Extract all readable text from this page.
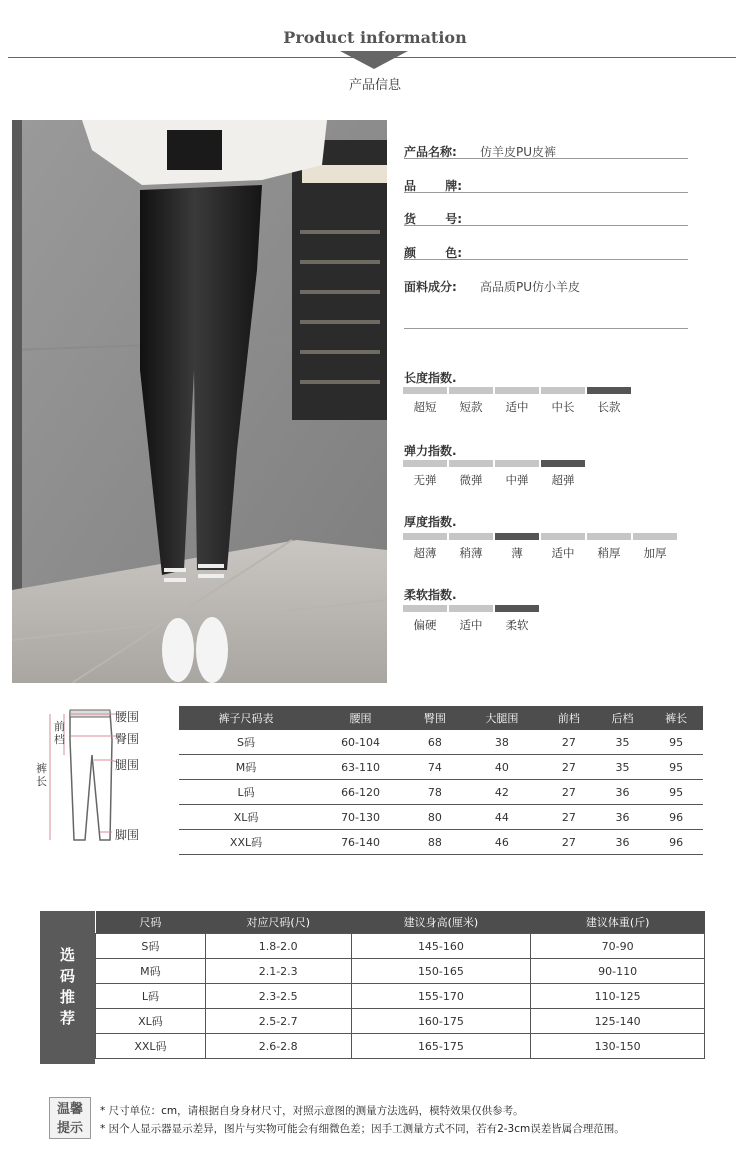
Product information
产品信息
产品名称: 仿羊皮PU皮裤
品       牌:
货       号:
颜       色:
面料成分: 高品质PU仿小羊皮
长度指数.
超短	短款	适中	中长	长款
弹力指数.
无弹	微弹	中弹	超弹
厚度指数.
超薄	稍薄	薄	适中	稍厚	加厚
柔软指数.
偏硬	适中	柔软
腰围
臀围
腿围
脚围
前档
裤长
裤子尺码表	腰围	臀围	大腿围	前档	后档	裤长
S码	60-104	68	38	27	35	95
M码	63-110	74	40	27	35	95
L码	66-120	78	42	27	36	95
XL码	70-130	80	44	27	36	96
XXL码	76-140	88	46	27	36	96
选
码
推
荐
尺码	对应尺码(尺)	建议身高(厘米)	建议体重(斤)
S码	1.8-2.0	145-160	70-90
M码	2.1-2.3	150-165	90-110
L码	2.3-2.5	155-170	110-125
XL码	2.5-2.7	160-175	125-140
XXL码	2.6-2.8	165-175	130-150
温馨
提示
* 尺寸单位：cm，请根据自身身材尺寸，对照示意图的测量方法选码，模特效果仅供参考。
* 因个人显示器显示差异，图片与实物可能会有细微色差；因手工测量方式不同，若有2-3cm误差皆属合理范围。
